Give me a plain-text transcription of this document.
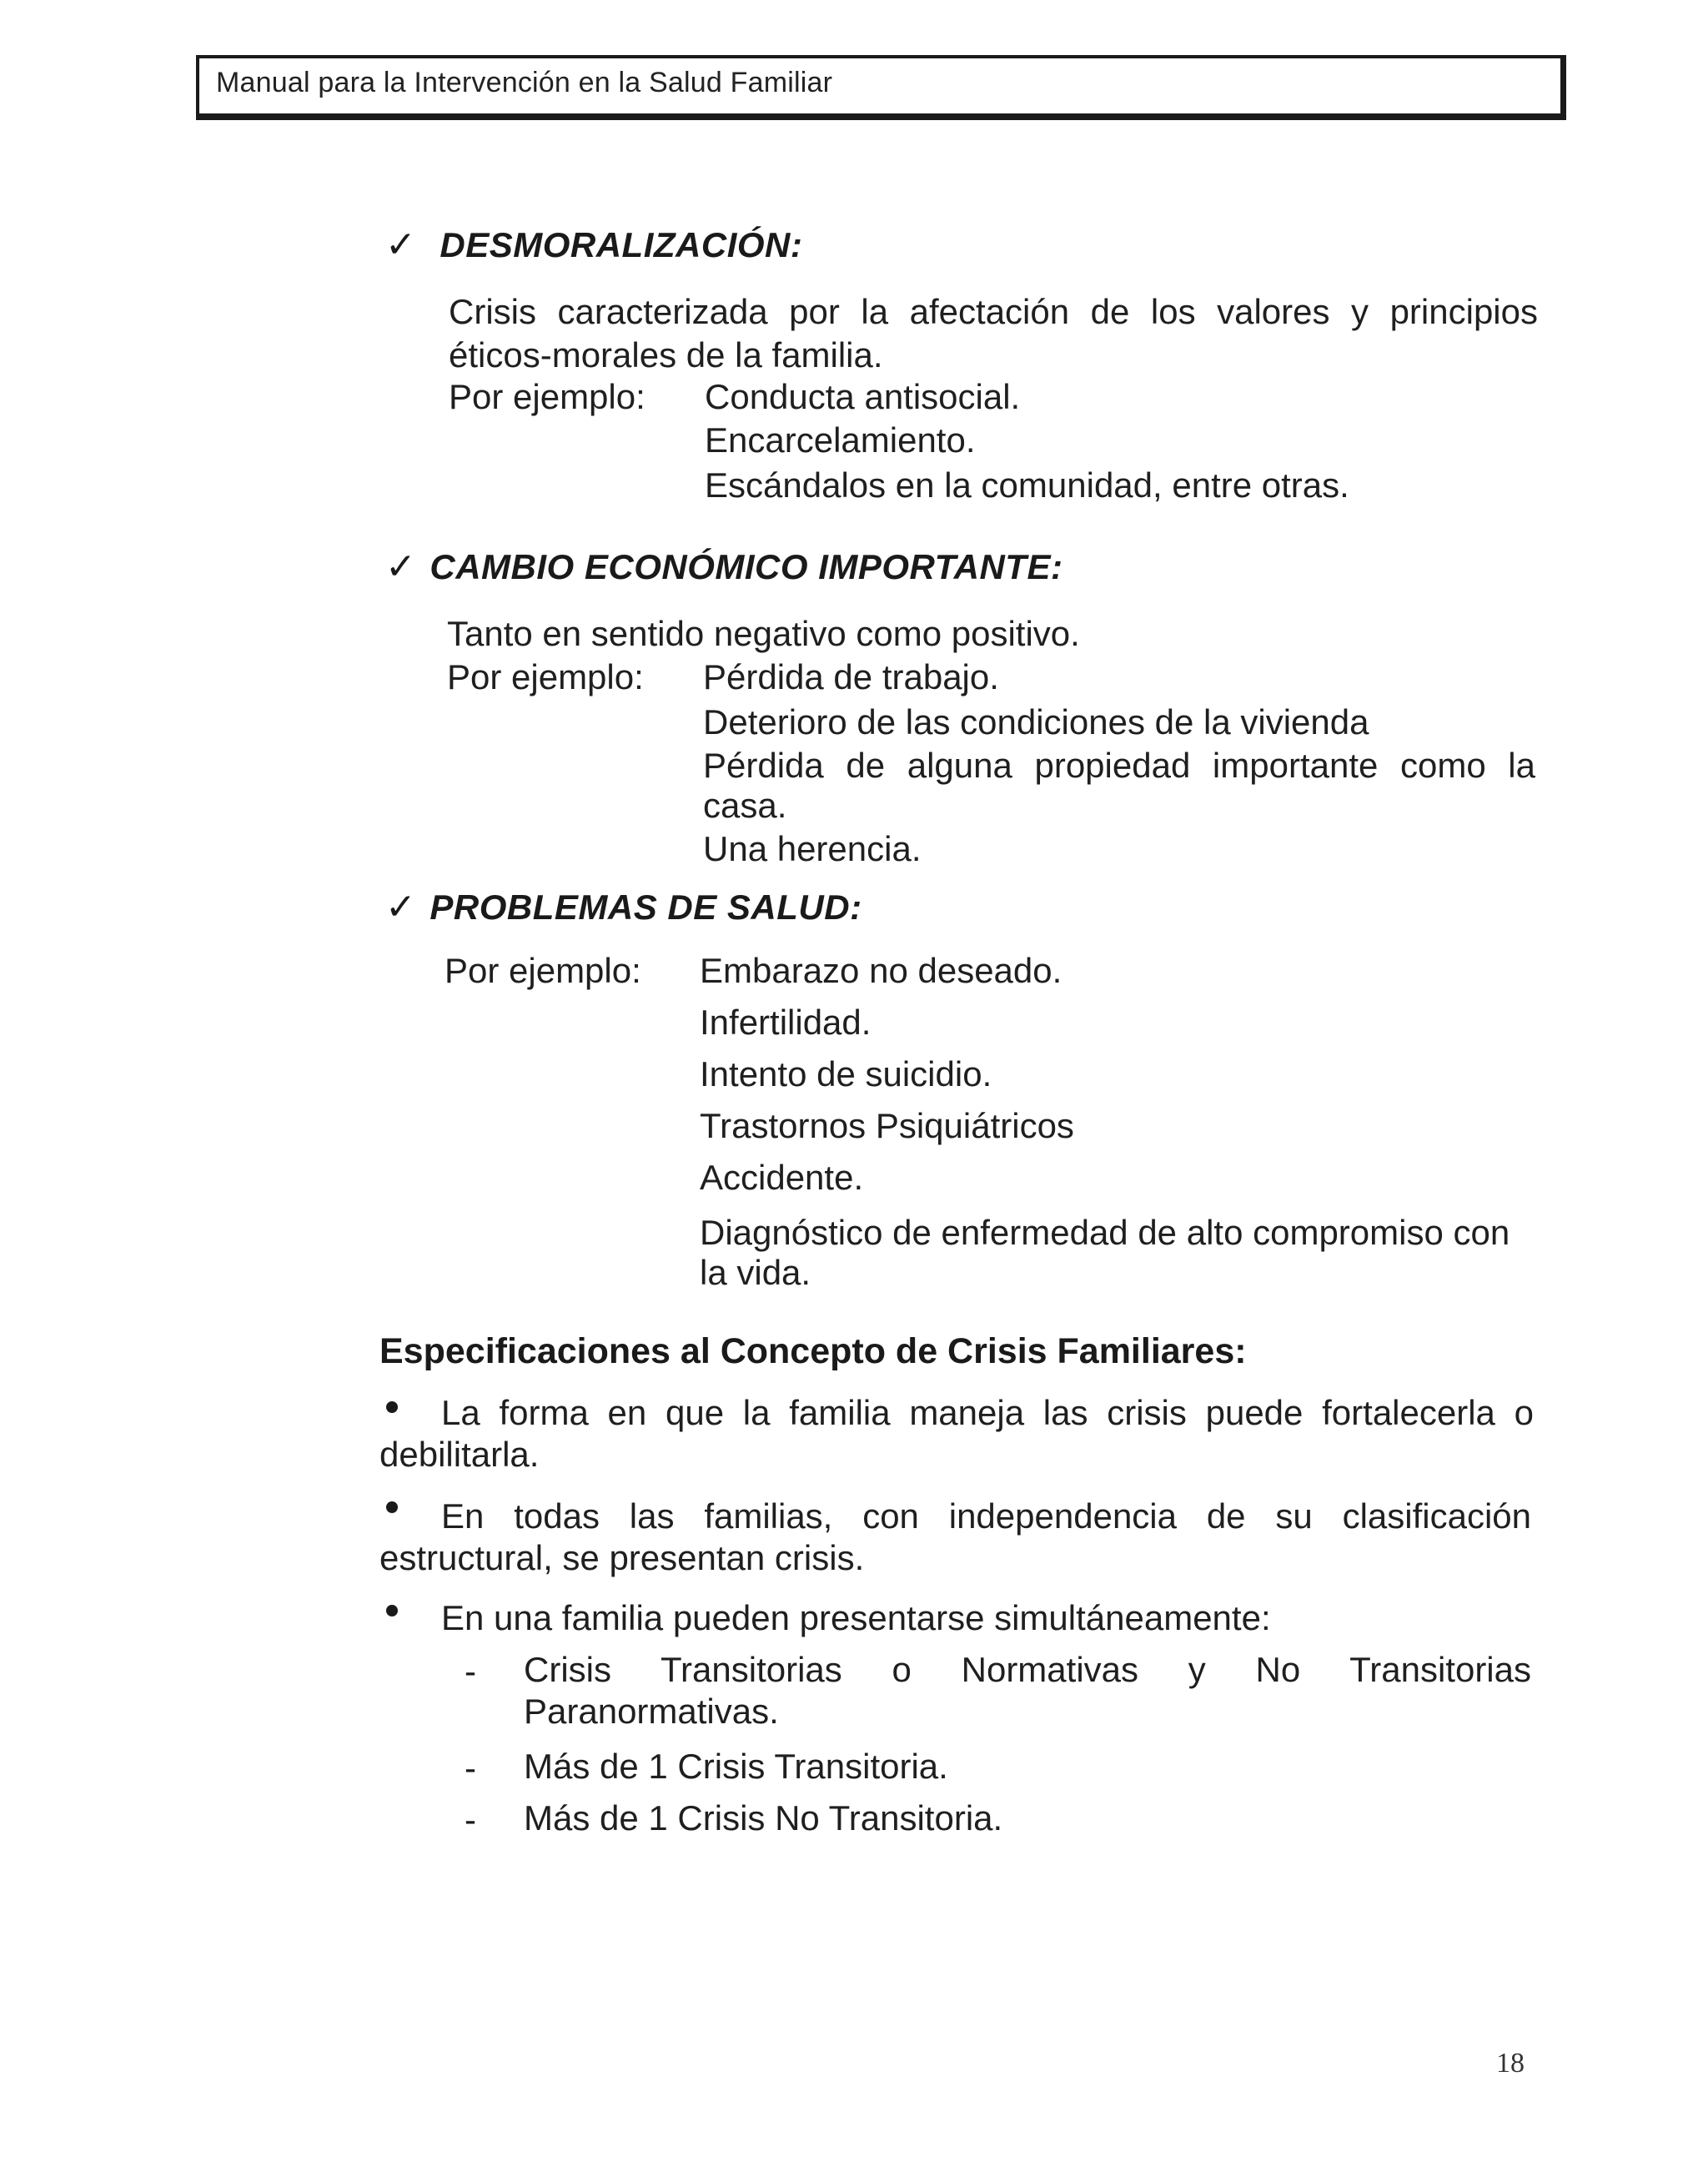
Manual para la Intervención en la Salud Familiar
✓ DESMORALIZACIÓN:
Crisis caracterizada por la afectación de los valores y principios
éticos-morales de la familia.
Por ejemplo: Conducta antisocial.
Encarcelamiento.
Escándalos en la comunidad, entre otras.
✓ CAMBIO ECONÓMICO IMPORTANTE:
Tanto en sentido negativo como positivo.
Por ejemplo: Pérdida de trabajo.
Deterioro de las condiciones de la vivienda
Pérdida de alguna propiedad importante como la
casa.
Una herencia.
✓ PROBLEMAS DE SALUD:
Por ejemplo: Embarazo no deseado.
Infertilidad.
Intento de suicidio.
Trastornos Psiquiátricos
Accidente.
Diagnóstico de enfermedad de alto compromiso con
la vida.
Especificaciones al Concepto de Crisis Familiares:
La forma en que la familia maneja las crisis puede fortalecerla o
debilitarla.
En todas las familias, con independencia de su clasificación
estructural, se presentan crisis.
En una familia pueden presentarse simultáneamente:
- Crisis Transitorias o Normativas y No Transitorias
Paranormativas.
- Más de 1 Crisis Transitoria.
- Más de 1 Crisis No Transitoria.
18
